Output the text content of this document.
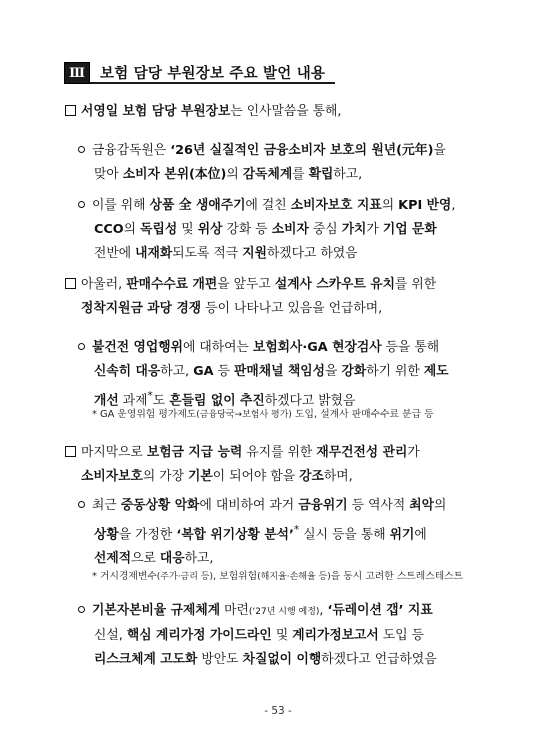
Ⅲ	보험 담당 부원장보 주요 발언 내용

서영일 보험 담당 부원장보는 인사말씀을 통해,

금융감독원은 ‘26년 실질적인 금융소비자 보호의 원년(元年)을

맞아 소비자 본위(本位)의 감독체계를 확립하고,

이를 위해 상품 全 생애주기에 걸친 소비자보호 지표의 KPI 반영,

CCO의 독립성 및 위상 강화 등 소비자 중심 가치가 기업 문화

전반에 내재화되도록 적극 지원하겠다고 하였음

아울러, 판매수수료 개편을 앞두고 설계사 스카우트 유치를 위한

정착지원금 과당 경쟁 등이 나타나고 있음을 언급하며,

불건전 영업행위에 대하여는 보험회사·GA 현장검사 등을 통해

신속히 대응하고, GA 등 판매채널 책임성을 강화하기 위한 제도

개선 과제*도 흔들림 없이 추진하겠다고 밝혔음

* GA 운영위험 평가제도(금융당국→보험사 평가) 도입, 설계사 판매수수료 분급 등

마지막으로 보험금 지급 능력 유지를 위한 재무건전성 관리가

소비자보호의 가장 기본이 되어야 함을 강조하며,

최근 중동상황 악화에 대비하여 과거 금융위기 등 역사적 최악의

상황을 가정한 ‘복합 위기상황 분석’* 실시 등을 통해 위기에

선제적으로 대응하고,

* 거시경제변수(주가·금리 등), 보험위험(해지율·손해율 등)을 동시 고려한 스트레스테스트

기본자본비율 규제체계 마련(‘27년 시행 예정), ‘듀레이션 갭’ 지표

신설, 핵심 계리가정 가이드라인 및 계리가정보고서 도입 등

리스크체계 고도화 방안도 차질없이 이행하겠다고 언급하였음

- 53 -
